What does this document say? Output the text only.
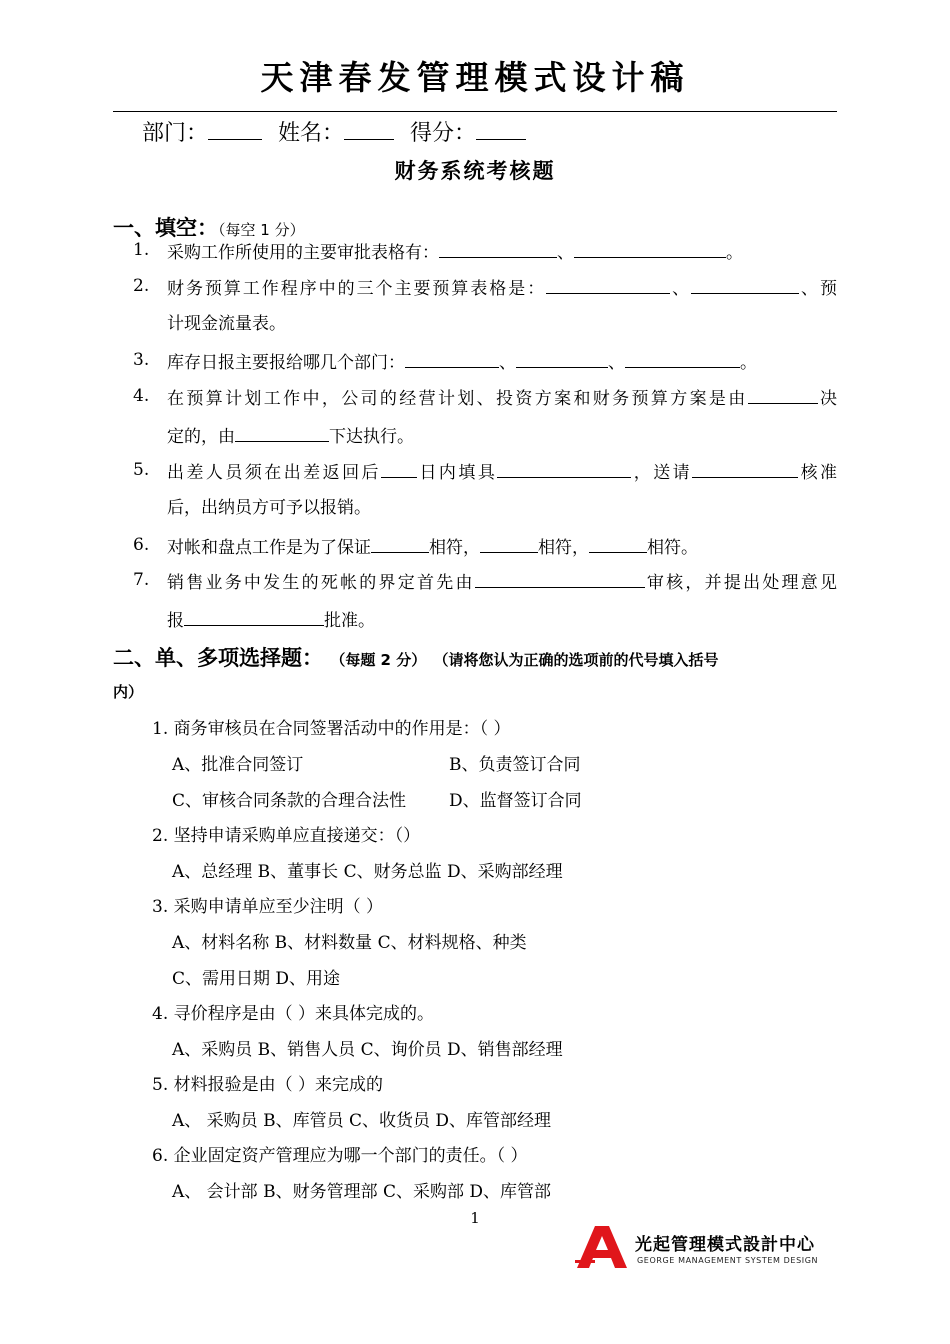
天津春发管理模式设计稿
部门：	姓名：	得分：
财务系统考核题
一、填空：（每空 1 分）
1. 采购工作所使用的主要审批表格有：	、	。
2. 财务预算工作程序中的三个主要预算表格是：	、	、预
计现金流量表。
3. 库存日报主要报给哪几个部门：	、	、	。
4. 在预算计划工作中，公司的经营计划、投资方案和财务预算方案是由	决
定的，由	下达执行。
5. 出差人员须在出差返回后 日内填具	，送请	核准
后，出纳员方可予以报销。
6. 对帐和盘点工作是为了保证	相符，	相符，	相符。
7. 销售业务中发生的死帐的界定首先由	审核，并提出处理意见
报	批准。
二、单、多项选择题： （每题 2 分） （请将您认为正确的选项前的代号填入括号
内）
1. 商务审核员在合同签署活动中的作用是：（ ）
A、批准合同签订	B、负责签订合同
C、审核合同条款的合理合法性	D、监督签订合同
2. 坚持申请采购单应直接递交：（）
A、总经理 B、董事长 C、财务总监 D、采购部经理
3. 采购申请单应至少注明（ ）
A、材料名称 B、材料数量 C、材料规格、种类
C、需用日期 D、用途
4. 寻价程序是由（ ）来具体完成的。
A、采购员 B、销售人员 C、询价员 D、销售部经理
5. 材料报验是由（ ）来完成的
A、 采购员 B、库管员 C、收货员 D、库管部经理
6. 企业固定资产管理应为哪一个部门的责任。（ ）
A、 会计部 B、财务管理部 C、采购部 D、库管部
1
光起管理模式設計中心
GEORGE MANAGEMENT SYSTEM DESIGN
